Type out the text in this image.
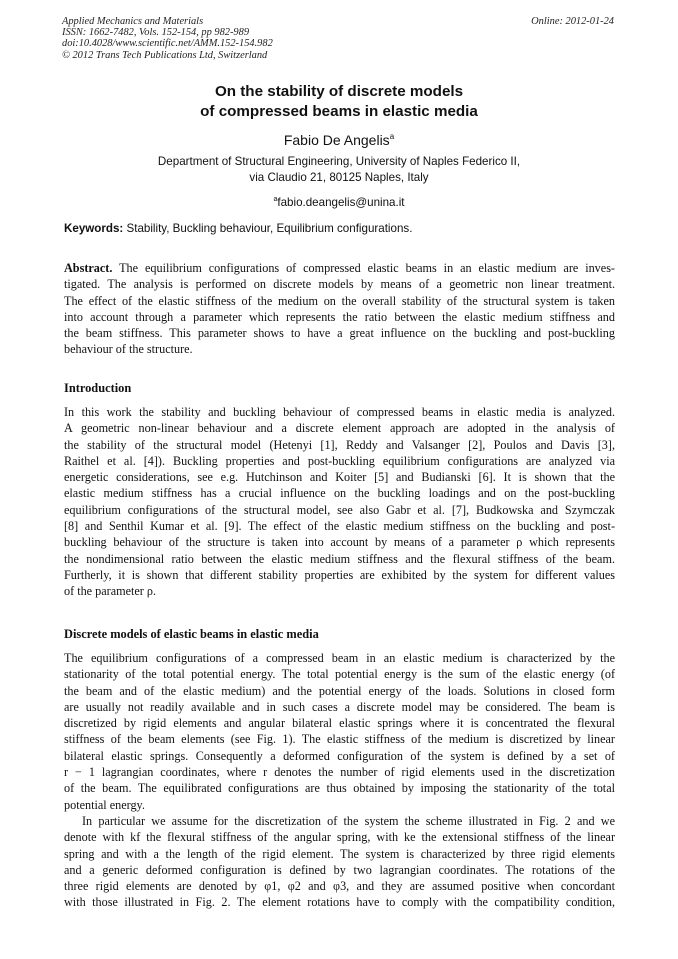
Applied Mechanics and Materials
ISSN: 1662-7482, Vols. 152-154, pp 982-989
doi:10.4028/www.scientific.net/AMM.152-154.982
© 2012 Trans Tech Publications Ltd, Switzerland
Online: 2012-01-24
On the stability of discrete models
of compressed beams in elastic media
Fabio De Angelis$^a$
Department of Structural Engineering, University of Naples Federico II,
via Claudio 21, 80125 Naples, Italy
$^a$fabio.deangelis@unina.it
Keywords: Stability, Buckling behaviour, Equilibrium configurations.
Abstract. The equilibrium configurations of compressed elastic beams in an elastic medium are inves-
tigated. The analysis is performed on discrete models by means of a geometric non linear treatment.
The effect of the elastic stiffness of the medium on the overall stability of the structural system is taken
into account through a parameter which represents the ratio between the elastic medium stiffness and
the beam stiffness. This parameter shows to have a great influence on the buckling and post-buckling
behaviour of the structure.
Introduction
In this work the stability and buckling behaviour of compressed beams in elastic media is analyzed.
A geometric non-linear behaviour and a discrete element approach are adopted in the analysis of
the stability of the structural model (Hetenyi [1], Reddy and Valsanger [2], Poulos and Davis [3],
Raithel et al. [4]). Buckling properties and post-buckling equilibrium configurations are analyzed via
energetic considerations, see e.g. Hutchinson and Koiter [5] and Budianski [6]. It is shown that the
elastic medium stiffness has a crucial influence on the buckling loadings and on the post-buckling
equilibrium configurations of the structural model, see also Gabr et al. [7], Budkowska and Szymczak
[8] and Senthil Kumar et al. [9]. The effect of the elastic medium stiffness on the buckling and post-
buckling behaviour of the structure is taken into account by means of a parameter ρ which represents
the nondimensional ratio between the elastic medium stiffness and the flexural stiffness of the beam.
Furtherly, it is shown that different stability properties are exhibited by the system for different values
of the parameter ρ.
Discrete models of elastic beams in elastic media
The equilibrium configurations of a compressed beam in an elastic medium is characterized by the
stationarity of the total potential energy. The total potential energy is the sum of the elastic energy (of
the beam and of the elastic medium) and the potential energy of the loads. Solutions in closed form
are usually not readily available and in such cases a discrete model may be considered. The beam is
discretized by rigid elements and angular bilateral elastic springs where it is concentrated the flexural
stiffness of the beam elements (see Fig. 1). The elastic stiffness of the medium is discretized by linear
bilateral elastic springs. Consequently a deformed configuration of the system is defined by a set of
r − 1 lagrangian coordinates, where r denotes the number of rigid elements used in the discretization
of the beam. The equilibrated configurations are thus obtained by imposing the stationarity of the total
potential energy.
In particular we assume for the discretization of the system the scheme illustrated in Fig. 2 and we
denote with kf the flexural stiffness of the angular spring, with ke the extensional stiffness of the linear
spring and with a the length of the rigid element. The system is characterized by three rigid elements
and a generic deformed configuration is defined by two lagrangian coordinates. The rotations of the
three rigid elements are denoted by φ1, φ2 and φ3, and they are assumed positive when concordant
with those illustrated in Fig. 2. The element rotations have to comply with the compatibility condition,
